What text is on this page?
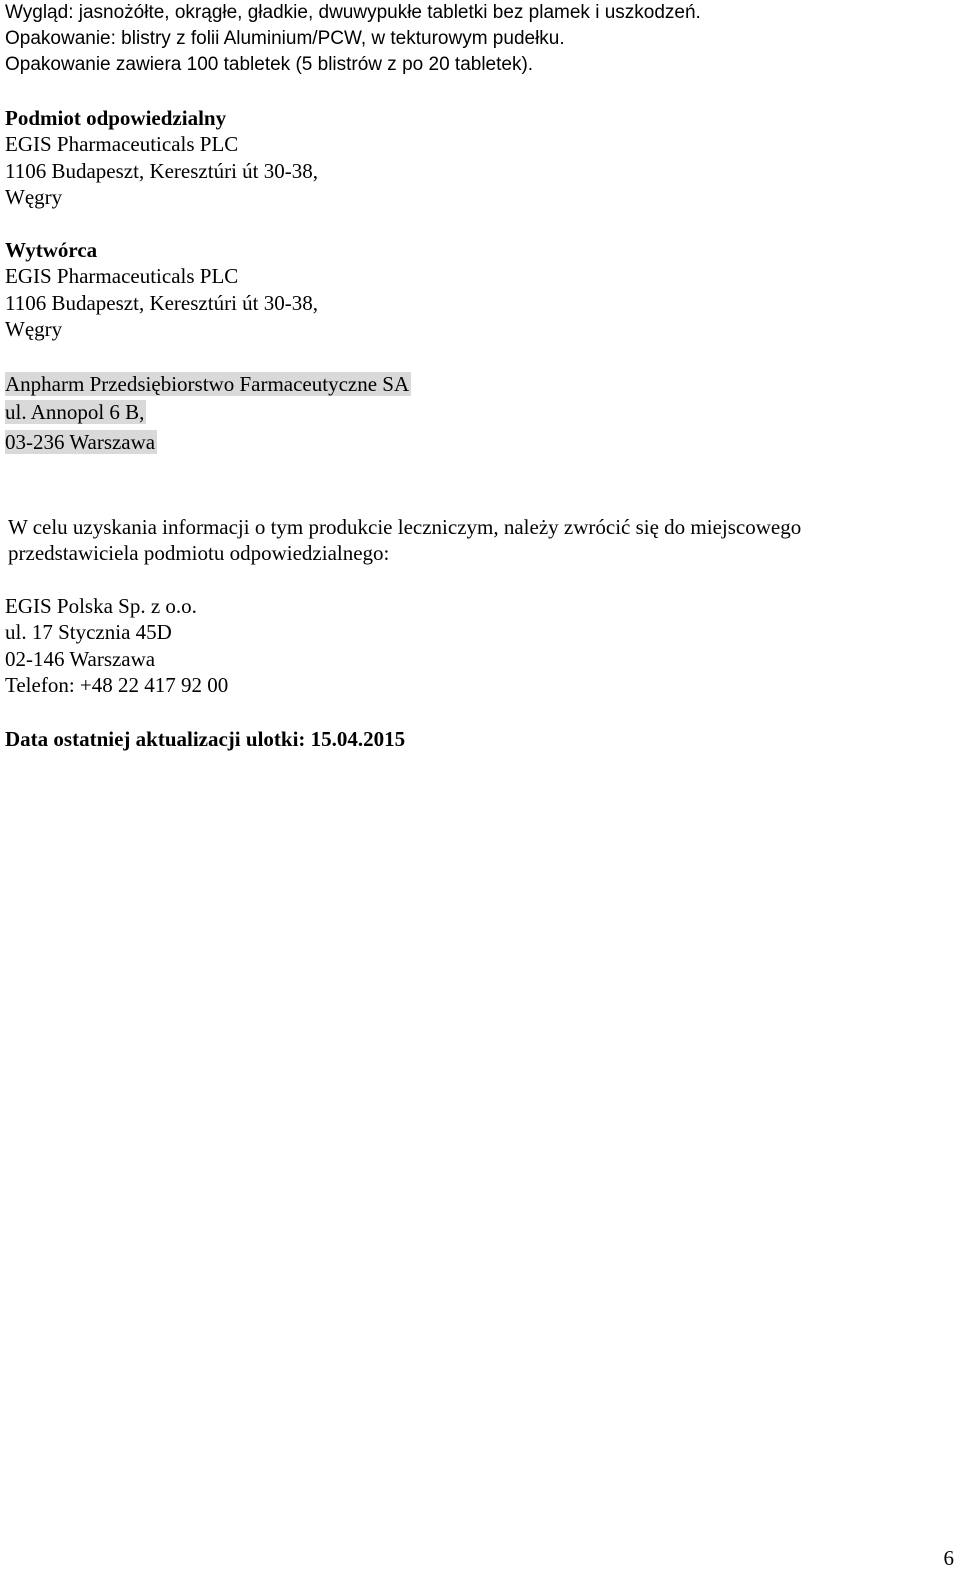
Wygląd: jasnożółte, okrągłe, gładkie, dwuwypukłe tabletki bez plamek i uszkodzeń.
Opakowanie: blistry z folii Aluminium/PCW, w tekturowym pudełku.
Opakowanie zawiera 100 tabletek (5 blistrów z po 20 tabletek).
Podmiot odpowiedzialny
EGIS Pharmaceuticals PLC
1106 Budapeszt, Keresztúri út 30-38,
Węgry
Wytwórca
EGIS Pharmaceuticals PLC
1106 Budapeszt, Keresztúri út 30-38,
Węgry
Anpharm Przedsiębiorstwo Farmaceutyczne SA
ul. Annopol 6 B,
03-236 Warszawa
W celu uzyskania informacji o tym produkcie leczniczym, należy zwrócić się do miejscowego
przedstawiciela podmiotu odpowiedzialnego:
EGIS Polska Sp. z o.o.
ul. 17 Stycznia 45D
02-146 Warszawa
Telefon: +48 22 417 92 00
Data ostatniej aktualizacji ulotki: 15.04.2015
6
